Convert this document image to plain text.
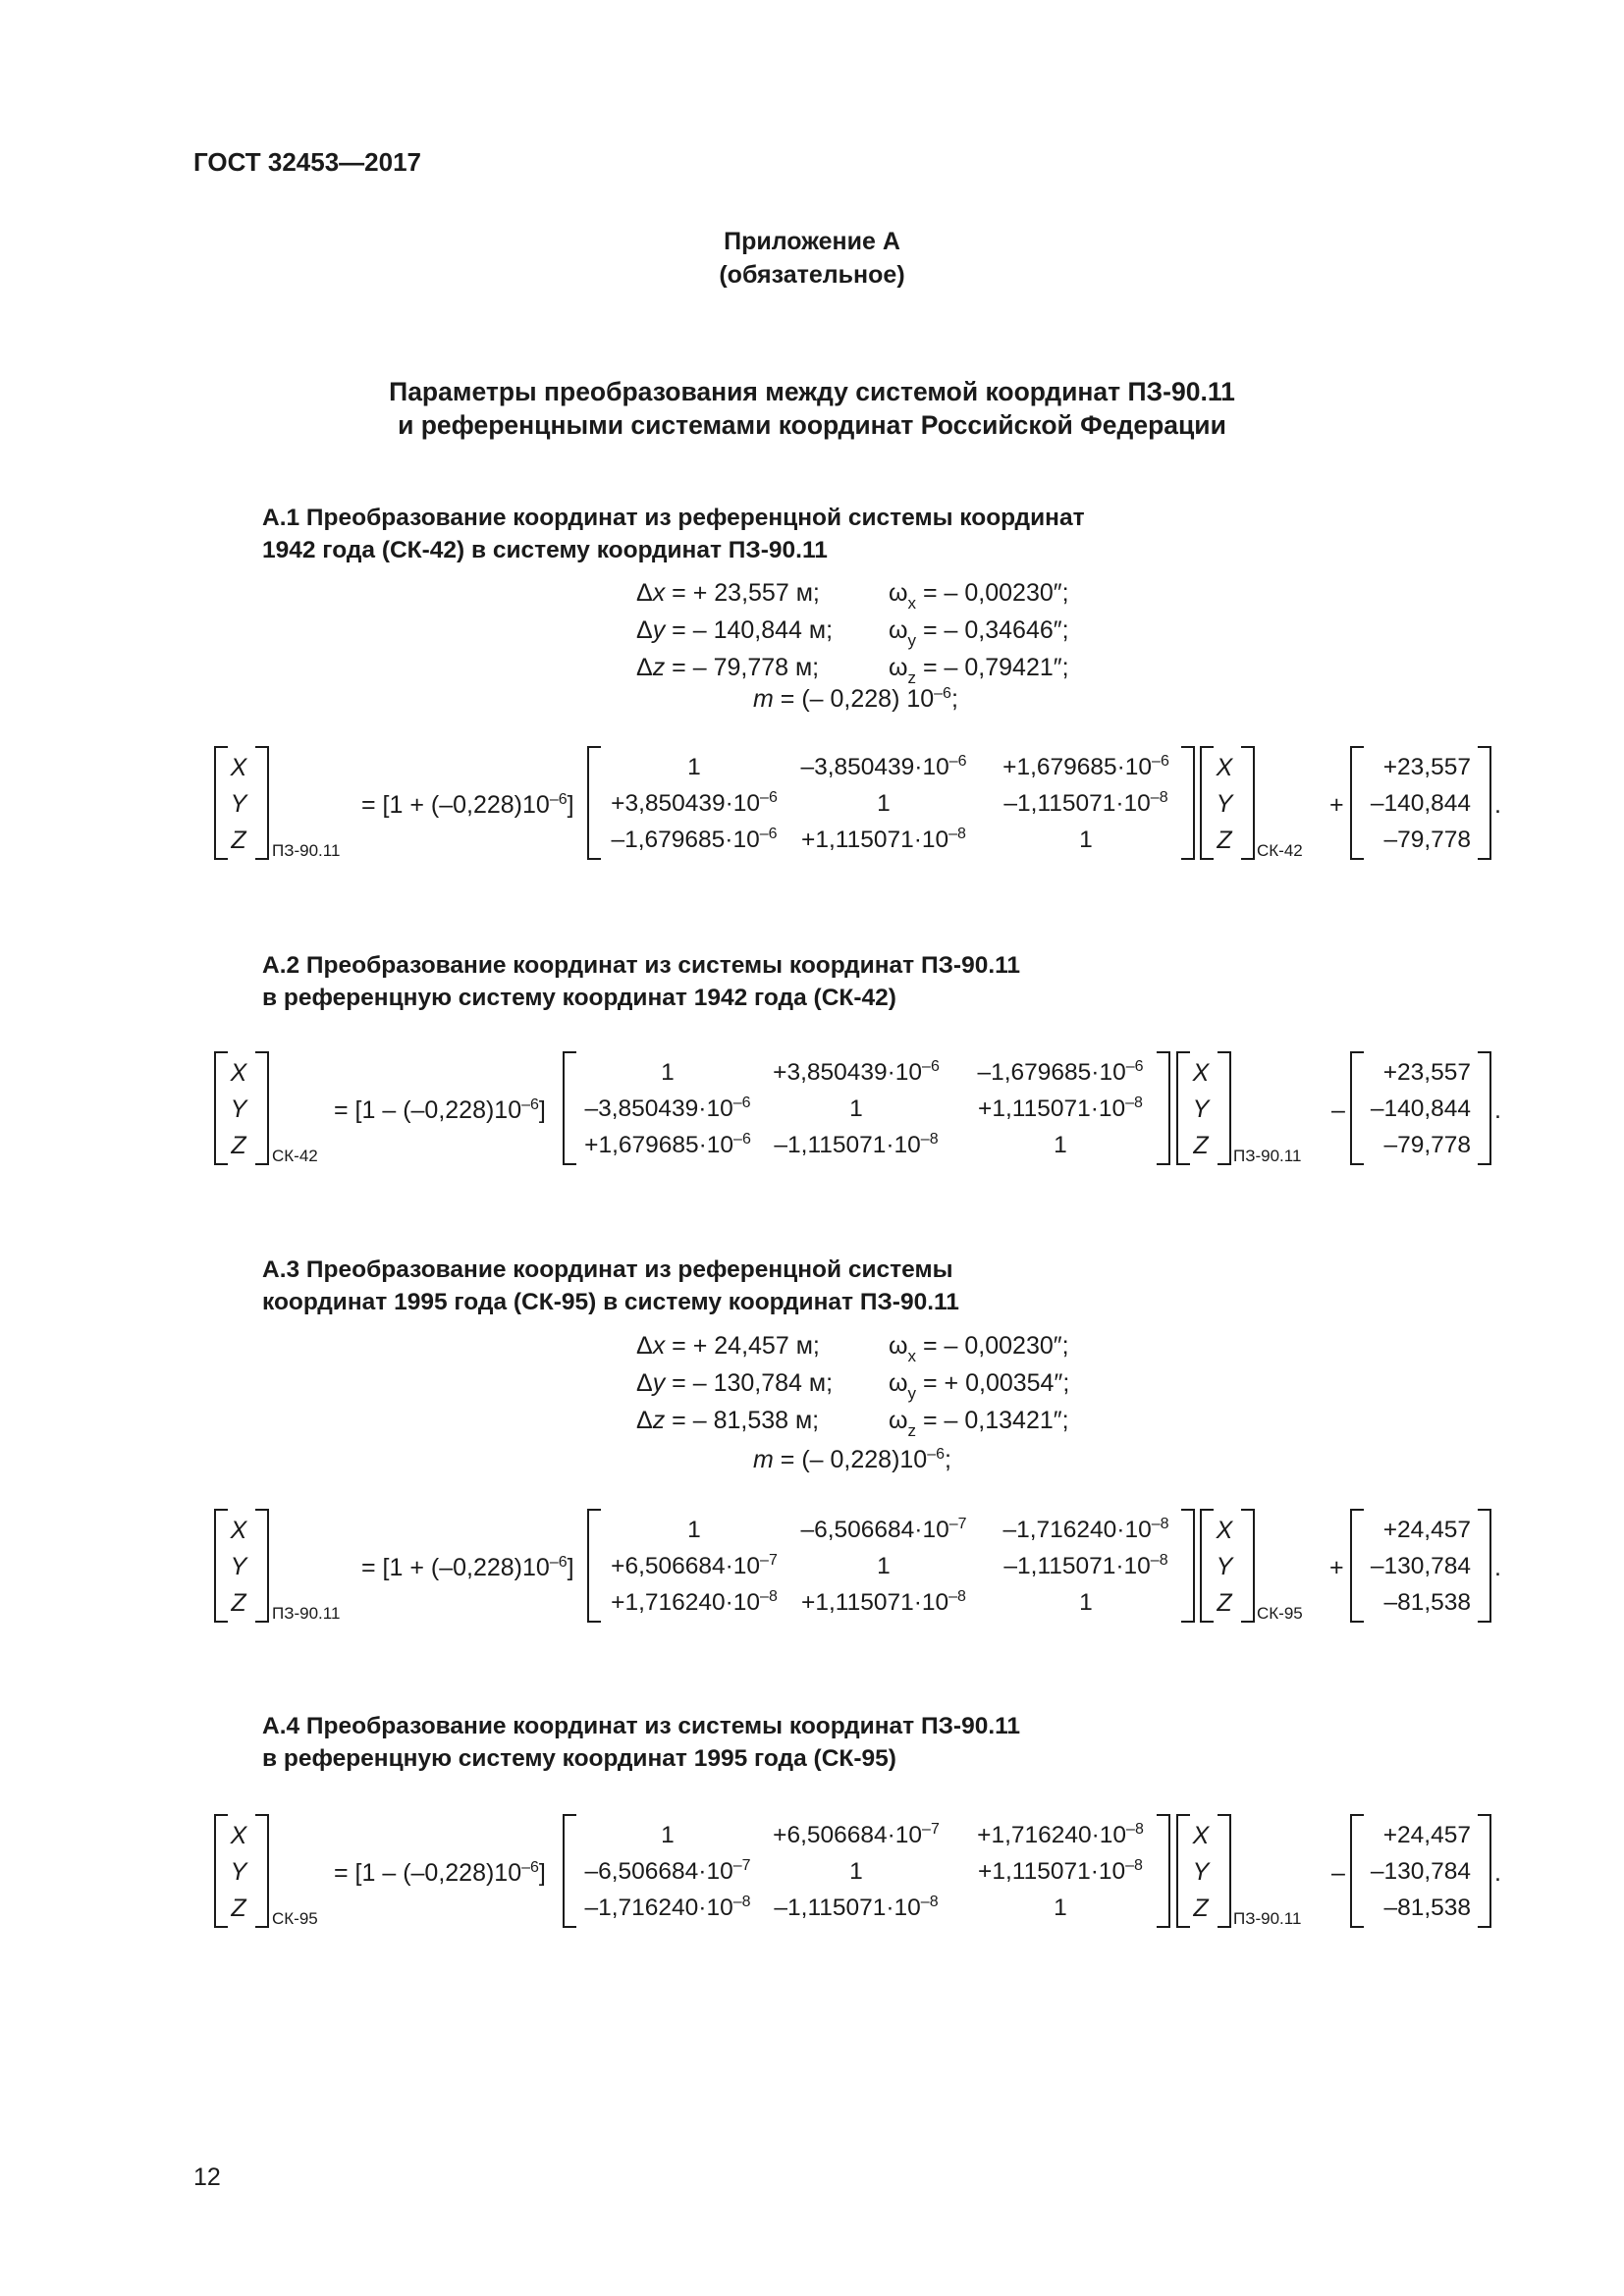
ГОСТ 32453—2017
Приложение А
(обязательное)
Параметры преобразования между системой координат ПЗ-90.11
и референцными системами координат Российской Федерации
А.1 Преобразование координат из референцной системы координат
1942 года (СК-42) в систему координат ПЗ-90.11
Δx = + 23,557 м;	$\omega_x$ = – 0,00230″;
Δy = – 140,844 м; $\omega_y$ = – 0,34646″;
Δz = – 79,778 м;	$\omega_z$ = – 0,79421″;
m = (– 0,228) $10^{-6}$;
X
Y
Z	ПЗ-90.11
= $[1 + (-0,228)10^{-6}]$
1	$-3,850439\cdot 10^{-6}$	$+1,679685\cdot 10^{-6}$
$+3,850439\cdot 10^{-6}$	1	$-1,115071\cdot 10^{-8}$
$-1,679685\cdot 10^{-6}$	$+1,115071\cdot 10^{-8}$	1
X
Y
Z	СК-42
+
+23,557
–140,844
–79,778
.
А.2 Преобразование координат из системы координат ПЗ-90.11
в референцную систему координат 1942 года (СК-42)
X
Y
Z	СК-42
= $[1 - (-0,228)10^{-6}]$
1	$+3,850439\cdot 10^{-6}$	$-1,679685\cdot 10^{-6}$
$-3,850439\cdot 10^{-6}$	1	$+1,115071\cdot 10^{-8}$
$+1,679685\cdot 10^{-6}$ $-1,115071\cdot 10^{-8}$	1
X
Y
Z	ПЗ-90.11
–
+23,557
–140,844
–79,778
.
А.3 Преобразование координат из референцной системы
координат 1995 года (СК-95) в систему координат ПЗ-90.11
Δx = + 24,457 м;	$\omega_x$ = – 0,00230″;
Δy = – 130,784 м; $\omega_y$ = + 0,00354″;
Δz = – 81,538 м;	$\omega_z$ = – 0,13421″;
m = (– $0,228)10^{-6}$;
X
Y
Z	ПЗ-90.11
= $[1 + (-0,228)10^{-6}]$
1	$-6,506684\cdot 10^{-7}$	$-1,716240\cdot 10^{-8}$
$+6,506684\cdot 10^{-7}$	1	$-1,115071\cdot 10^{-8}$
$+1,716240\cdot 10^{-8} +1,115071\cdot 10^{-8}$	1
X
Y
Z	СК-95
+
+24,457
–130,784
–81,538
.
А.4 Преобразование координат из системы координат ПЗ-90.11
в референцную систему координат 1995 года (СК-95)
X
Y
Z	СК-95
= $[1 - (-0,228)10^{-6}]$
1	$+6,506684\cdot 10^{-7}$	$+1,716240\cdot 10^{-8}$
$-6,506684\cdot 10^{-7}$	1	$+1,115071\cdot 10^{-8}$
$-1,716240\cdot 10^{-8}$ $-1,115071\cdot 10^{-8}$	1
X
Y
Z	ПЗ-90.11
–
+24,457
–130,784
–81,538
.
12
